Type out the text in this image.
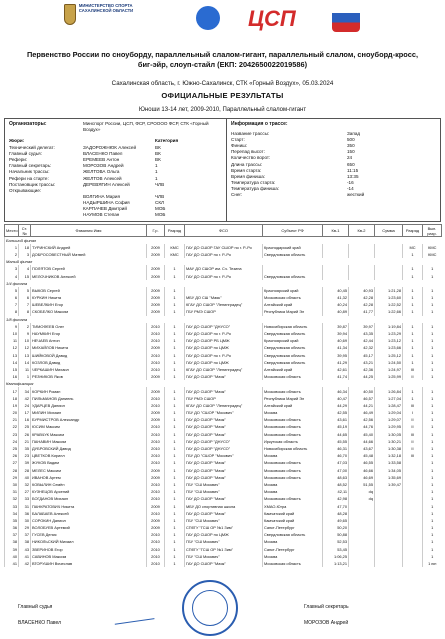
МИНИСТЕРСТВО СПОРТА САХАЛИНСКОЙ ОБЛАСТИ	ЦСП
Первенство России по сноуборду, параллельный слалом-гигант, параллельный слалом, сноуборд-кросс,
биг-эйр, слоуп-стайл (ЕКП: 2042650022019586)
Сахалинская область, г. Южно-Сахалинск, СТК «Горный Воздух», 05.03.2024
ОФИЦИАЛЬНЫЕ РЕЗУЛЬТАТЫ
Юноши 13-14 лет, 2009-2010, Параллельный слалом-гигант
Организаторы:	Минспорт России, ЦСП, ФСР, СРОООО ФСР, СТК «Горный Воздух»
Жюри:	Категория
Технический делегат:	ЗАДОРОЖНЮК Алексей	ВК
Главный судья:	ВЛАСЕНКО Павел	ВК
Рефери:	ЕРЕМЕЕВ Антон	ВК
Главный секретарь:	МОРОЗОВ Андрей	1
Начальник трассы:	ЖЕЛТОВА Ольга	1
Рефери на старте:	ЖЕЛТОВ Алексей	1
Постановщик трассы:	ДЕРЕВЯГИН Алексей	ЧЛВ
Открывающие:
ВОЛГИНА Мария	ЧЛВ
НАДЫРШИНА София	СКЛ
КАРПАЧЕВ Дмитрий	МОБ
НАУМОВ Степан	МОБ
Информация о трассе:
Название трассы:	Запад
Старт:	500
Финиш:	350
Перепад высот:	150
Количество ворот:	24
Длина трассы:	650
Время старта:	11:15
Время финиша:	13:35
Температура старта:	-16
Температура финиша:	-14
Снег:	жесткий
Место	Ст. №	Фамилия Имя	Г.р.	Разряд	ФСО	Субъект РФ	Кв-1	Кв-2	Сумма	Разряд	Вып. разр.
Большой финал											
1	18	ТУРИНСКИЙ Андрей	2009	КМС	ГАУ ДО СШОР ГАУ СШОР по г. Р.-Ро	Краснодарский край				МС	КМС
2	3	ДОБРОСОВЕСТНЫЙ Матвей	2009	КМС	ГАУ ДО СШОР по г. Р.-Ро	Свердловская область				1	КМС
Малый финал											
3	4	ПОЛЯТОВ Сергей	2009	1	МАУ ДО СШОР им. Сч. Тезина					1	1
4	15	МЕЛОЧНИКОВ Алексей	2009	1	ГАУ ДО СШОР по г. Р.-Ро	Свердловская область				1	1
1/4 финала											
5	5	ВЫКОВ Сергей	2009	1		Красноярский край	40,45	40,93	1:21,28	1	1
6	6	КУРКИН Никита	2009	1	МБУ ДО СШ "Маяк"	Московская область	41,32	42,28	1:23,60	1	1
7	7	ШЕВЕЛКИН Егор	2009	1	КГАУ ДО СШОР "Ленинградец"	Алтайский край	40,24	42,28	1:22,52	1	1
8	8	СКОБЕЛКО Максим	2009	1	ГБУ РМЭ СШОР	Республика Марий Эл	40,89	41,77	1:22,66	1	1
1/8 финала											
9	2	ТИМОФЕЕВ Олег	2010	1	ГАУ ДО СШОР "ДНУСО"	Новосибирская область	39,87	39,97	1:19,84	1	1
10	9	НАУМКИН Егор	2010	1	ГАУ ДО СШОР по г. Р.-Ро	Свердловская область	39,94	43,35	1:23,29	1	1
11	10	НЕЧАЕВ Антон	2010	1	ГАУ ДО СШОР РБ ЦМЖ	Красноярский край	40,69	42,44	1:23,12	1	1
12	12	МИХАЙЛОВ Никита	2009	1	ГАУ ДО СШОР по ЦМЖ	Свердловская область	41,34	42,32	1:23,66	1	1
13	13	ШИЙКОВОЙ Давид	2010	1	ГАУ ДО СШОР по г. Р.-Ро	Свердловская область	39,95	45,17	1:25,12	1	1
14	14	КОЗЛОВ Давид	2010	1	ГАУ ДО СШОР по ЦМЖ	Свердловская область	41,29	43,21	1:24,50	1	1
15	11	ЧЕРКАШИН Михаил	2010	1	КГАУ ДО СШОР "Ленинградец"	Алтайский край	42,61	42,36	1:24,97	III	1
16	1	РЕЗНИКОВ Яков	2009	1	ГАУ ДО СШОР "Маяк"	Московская область	41,74	44,25	1:25,99	II	1
Квалификация											
17	34	КОРКИН Роман	2009	1	ГАУ ДО СШОР "Маяк"	Московская область	46,34	40,50	1:26,84	1	1
18	42	ПИЛЬМАНОВ Даниель	2010	1	ГБУ РМЭ СШОР	Республика Марий Эл	40,47	46,57	1:27,04	1	1
19	24	УДАРЦЕВ Даниил	2010	1	КГАУ ДО СШОР "Ленинградец"	Алтайский край	44,29	44,21	1:28,47	III	1
20	17	МИЛИН Михаил	2009	1	ГБУ ДО "СШОР "Москвич"	Москва	42,55	46,49	1:29,04	I	1
21	16	БУРМИСТРОВ Александр	2009	1	ГАУ ДО СШОР "Маяк"	Московская область	43,61	42,56	1:29,07	II	1
22	25	ЮСИМ Максим	2010	1	ГАУ ДО СШОР "Маяк"	Московская область	45,19	44,76	1:29,95	II	1
23	26	КРАВЧУК Максим	2010	1	ГАУ ДО СШОР "Маяк"	Московская область	44,65	45,40	1:30,05	III	1
24	21	ПАНАВИН Максим	2010	1	ГАУ ДО СШОР "ДНУСО"	Иркутская область	45,55	44,66	1:30,21	II	1
25	35	ДУБРОВСКИЙ Давид	2010	1	ГАУ ДО СШОР "ДНУСО"	Новосибирская область	46,31	43,67	1:30,38	II	1
26	23	ЦВЕТКОВ Кирилл	2010	1	ГБУ ДО "СШОР "Москвич"	Москва	46,70	45,48	1:32,18	III	1
27	39	ЖУКОВ Вадим	2010	1	ГАУ ДО СШОР "Маяк"	Московская область	47,03	46,55	1:33,58		1
28	28	МЕЛЕС Максим	2009	1	ГАУ ДО СШОР "Маяк"	Московская область	47,00	46,66	1:34,05		1
29	40	ИВАНОВ Артем	2009	1	ГАУ ДО СШОР "Маяк"	Московская область	48,63	46,69	1:35,69		1
30	32	КОВЫЛИН Семён	2010	1	ГБУ "СШ Москвич"	Москва	48,52	51,55	1:39,47		1
31	27	КУЗНЕЦОВ Арсений	2010	1	ГБУ "СШ Москвич"	Москва	42,11	dq			1
32	33	БОГДАНОВ Михаил	2010	1	ГАУ ДО СШОР "Маяк"	Московская область	42,98	dq			1
33	31	ПАНКРАТОВИЧ Никита	2009	1	МБУ ДО спортивная школа	ХМАО-Югра	47,70				1
34	36	БАЛАБАЕВ Алексей	2010	1	ГАУ ДО СШОР "Маяк"	Камчатский край	48,28				1
35	30	СОРОКИН Даниил	2009	1	ГБУ "СШ Москвич"	Камчатский край	49,65				1
36	29	ВОЛОБУЕВ Артемий	2009	1	СПбГУ "ГСШ ОР №1 Зим"	Санкт-Петербург	50,20				1
37	37	ГУСЕВ Денис	2010	1	ГАУ ДО СШОР по ЦМЖ	Свердловская область	50,88				1
38	38	НИКОЛЬСКИЙ Михаил	2010	1	ГБУ "СШ Москвич"	Москва	52,53				1
39	43	ЗВЕРИНОВ Егор	2010	1	СПбГУ "ГСШ ОР №1 Зим"	Санкт-Петербург	53,45				1
40	41	САВИНОВ Максим	2010	1	ГБУ "СШ Москвич"	Москва	1:06,25				1
41	42	ВТОРУШИН Вячеслав	2010	1	ГАУ ДО СШОР "Маяк"	Московская область	1:13,21				1 юн
Главный судья
ВЛАСЕНКО Павел
Главный секретарь
МОРОЗОВ Андрей
